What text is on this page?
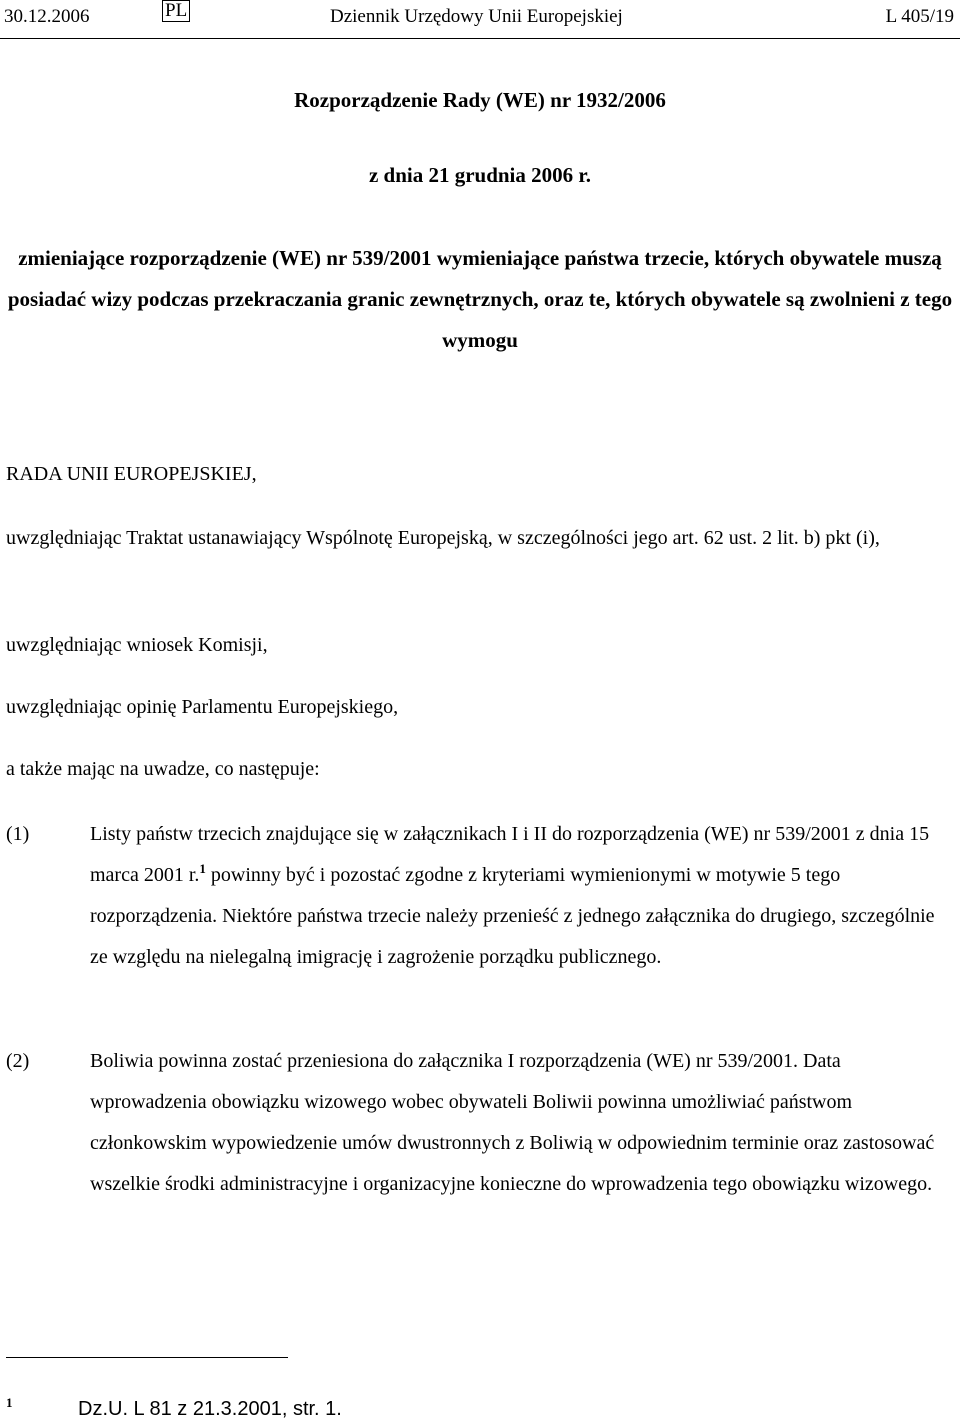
30.12.2006	PL	Dziennik Urzędowy Unii Europejskiej	L 405/19
Rozporządzenie Rady (WE) nr 1932/2006
z dnia 21 grudnia 2006 r.
zmieniające rozporządzenie (WE) nr 539/2001 wymieniające państwa trzecie, których obywatele muszą posiadać wizy podczas przekraczania granic zewnętrznych, oraz te, których obywatele są zwolnieni z tego wymogu
RADA UNII EUROPEJSKIEJ,
uwzględniając Traktat ustanawiający Wspólnotę Europejską, w szczególności jego art. 62 ust. 2 lit. b) pkt (i),
uwzględniając wniosek Komisji,
uwzględniając opinię Parlamentu Europejskiego,
a także mając na uwadze, co następuje:
(1)	Listy państw trzecich znajdujące się w załącznikach I i II do rozporządzenia (WE) nr 539/2001 z dnia 15 marca 2001 r.$^1$ powinny być i pozostać zgodne z kryteriami wymienionymi w motywie 5 tego rozporządzenia. Niektóre państwa trzecie należy przenieść z jednego załącznika do drugiego, szczególnie ze względu na nielegalną imigrację i zagrożenie porządku publicznego.
(2)	Boliwia powinna zostać przeniesiona do załącznika I rozporządzenia (WE) nr 539/2001. Data wprowadzenia obowiązku wizowego wobec obywateli Boliwii powinna umożliwiać państwom członkowskim wypowiedzenie umów dwustronnych z Boliwią w odpowiednim terminie oraz zastosować wszelkie środki administracyjne i organizacyjne konieczne do wprowadzenia tego obowiązku wizowego.
1	Dz.U. L 81 z 21.3.2001, str. 1.
